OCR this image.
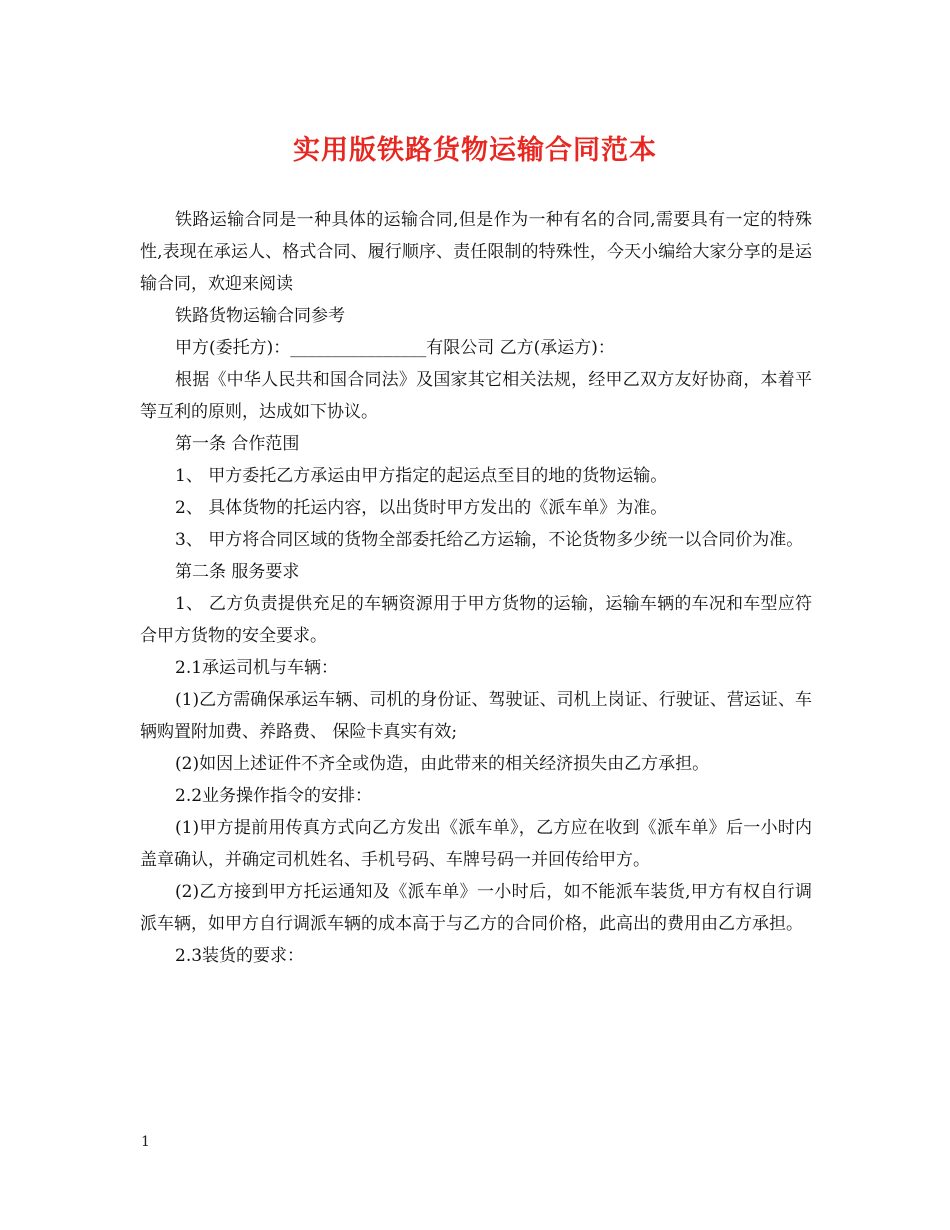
实用版铁路货物运输合同范本

铁路运输合同是一种具体的运输合同,但是作为一种有名的合同,需要具有一定的特殊性,表现在承运人、格式合同、履行顺序、责任限制的特殊性，今天小编给大家分享的是运输合同，欢迎来阅读

铁路货物运输合同参考

甲方(委托方)：________________有限公司 乙方(承运方)：

根据《中华人民共和国合同法》及国家其它相关法规，经甲乙双方友好协商，本着平等互利的原则，达成如下协议。

第一条 合作范围

1、 甲方委托乙方承运由甲方指定的起运点至目的地的货物运输。

2、 具体货物的托运内容，以出货时甲方发出的《派车单》为准。

3、 甲方将合同区域的货物全部委托给乙方运输，不论货物多少统一以合同价为准。

第二条 服务要求

1、 乙方负责提供充足的车辆资源用于甲方货物的运输，运输车辆的车况和车型应符合甲方货物的安全要求。

2.1承运司机与车辆：

(1)乙方需确保承运车辆、司机的身份证、驾驶证、司机上岗证、行驶证、营运证、车辆购置附加费、养路费、 保险卡真实有效;

(2)如因上述证件不齐全或伪造，由此带来的相关经济损失由乙方承担。

2.2业务操作指令的安排：

(1)甲方提前用传真方式向乙方发出《派车单》，乙方应在收到《派车单》后一小时内盖章确认，并确定司机姓名、手机号码、车牌号码一并回传给甲方。

(2)乙方接到甲方托运通知及《派车单》一小时后，如不能派车装货,甲方有权自行调派车辆，如甲方自行调派车辆的成本高于与乙方的合同价格，此高出的费用由乙方承担。

2.3装货的要求：

1
